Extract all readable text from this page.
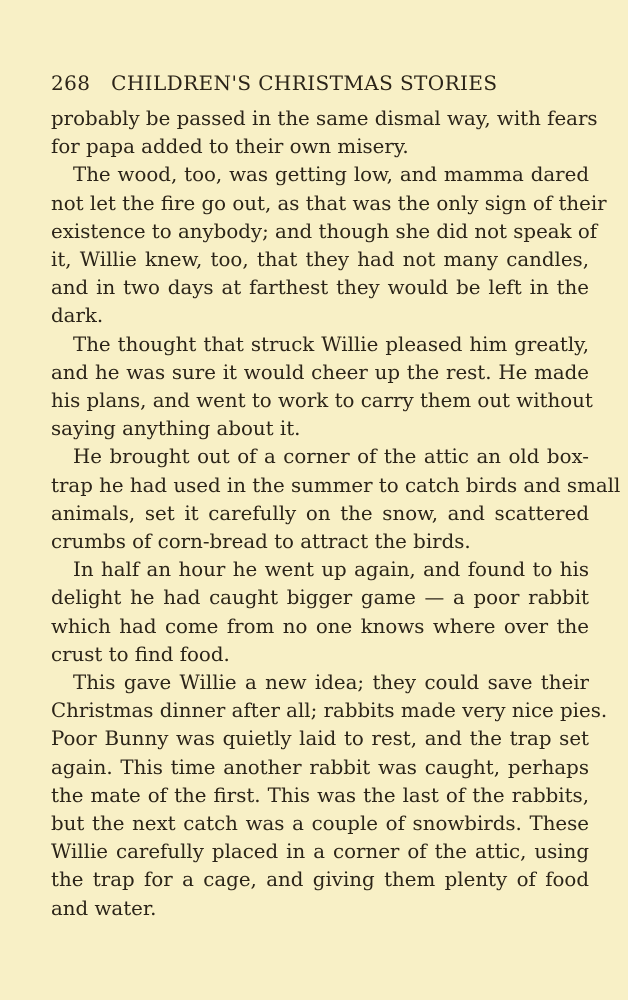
268 CHILDREN'S CHRISTMAS STORIES
probably be passed in the same dismal way, with fears
for papa added to their own misery.
The wood, too, was getting low, and mamma dared
not let the fire go out, as that was the only sign of their
existence to anybody; and though she did not speak of
it, Willie knew, too, that they had not many candles,
and in two days at farthest they would be left in the
dark.
The thought that struck Willie pleased him greatly,
and he was sure it would cheer up the rest. He made
his plans, and went to work to carry them out without
saying anything about it.
He brought out of a corner of the attic an old box-
trap he had used in the summer to catch birds and small
animals, set it carefully on the snow, and scattered
crumbs of corn-bread to attract the birds.
In half an hour he went up again, and found to his
delight he had caught bigger game — a poor rabbit
which had come from no one knows where over the
crust to find food.
This gave Willie a new idea; they could save their
Christmas dinner after all; rabbits made very nice pies.
Poor Bunny was quietly laid to rest, and the trap set
again. This time another rabbit was caught, perhaps
the mate of the first. This was the last of the rabbits,
but the next catch was a couple of snowbirds. These
Willie carefully placed in a corner of the attic, using
the trap for a cage, and giving them plenty of food
and water.
